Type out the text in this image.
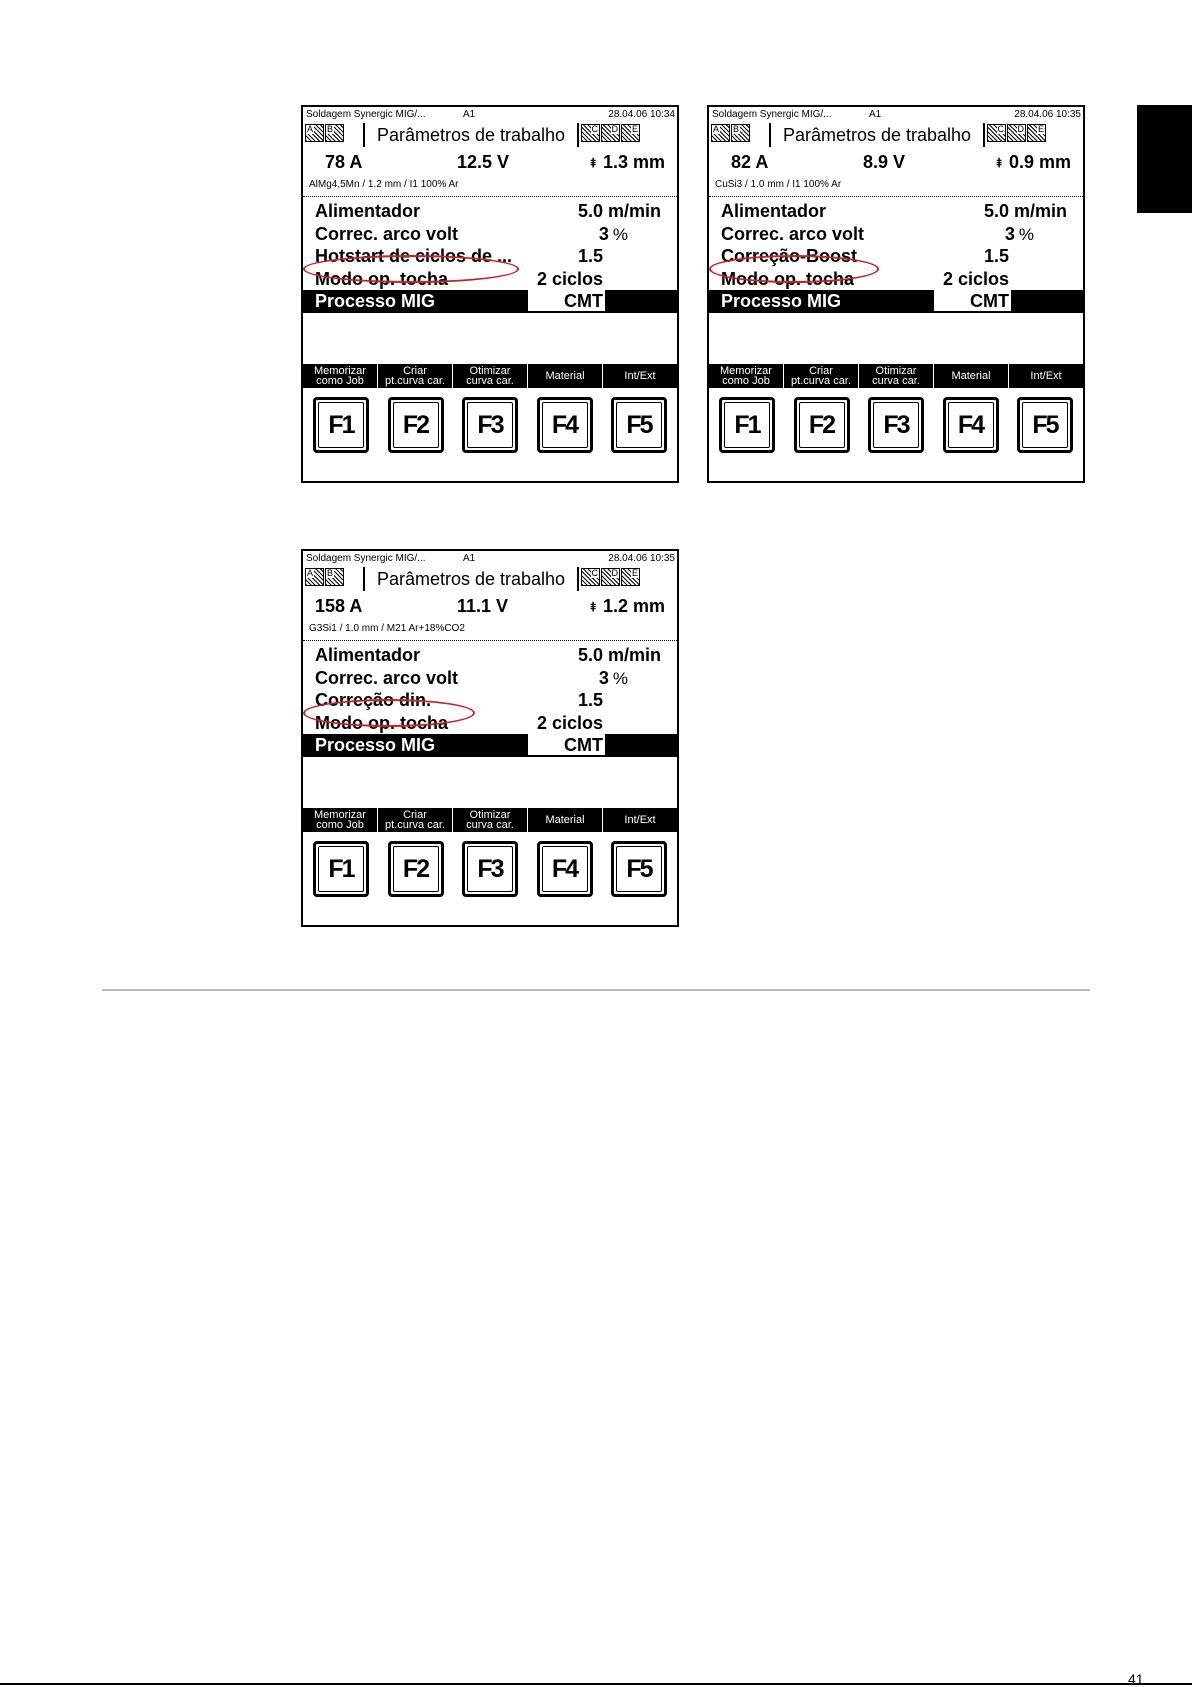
Soldagem Synergic MIG/...	A1	28.04.06 10:34
A B	Parâmetros de trabalho	C D E
78 A	12.5 V	⯒ 1.3 mm
AlMg4,5Mn / 1.2 mm / I1 100% Ar
Alimentador	5.0 m/min
Correc. arco volt	3 %
Hotstart de ciclos de ...	1.5
Modo op. tocha	2 ciclos
Processo MIG	CMT
Memorizar
como Job
Criar
pt.curva car.
Otimizar
curva car.	Material	Int/Ext
F1	F2	F3	F4	F5
Soldagem Synergic MIG/...	A1	28.04.06 10:35
A B	Parâmetros de trabalho	C D E
82 A	8.9 V	⯒ 0.9 mm
CuSi3 / 1.0 mm / I1 100% Ar
Alimentador	5.0 m/min
Correc. arco volt	3 %
Correção-Boost	1.5
Modo op. tocha	2 ciclos
Processo MIG	CMT
Memorizar
como Job
Criar
pt.curva car.
Otimizar
curva car.	Material	Int/Ext
F1	F2	F3	F4	F5
Soldagem Synergic MIG/...	A1	28.04.06 10:35
A B	Parâmetros de trabalho	C D E
158 A	11.1 V	⯒ 1.2 mm
G3Si1 / 1.0 mm / M21 Ar+18%CO2
Alimentador	5.0 m/min
Correc. arco volt	3 %
Correção din.	1.5
Modo op. tocha	2 ciclos
Processo MIG	CMT
Memorizar
como Job
Criar
pt.curva car.
Otimizar
curva car.	Material	Int/Ext
F1	F2	F3	F4	F5
41
